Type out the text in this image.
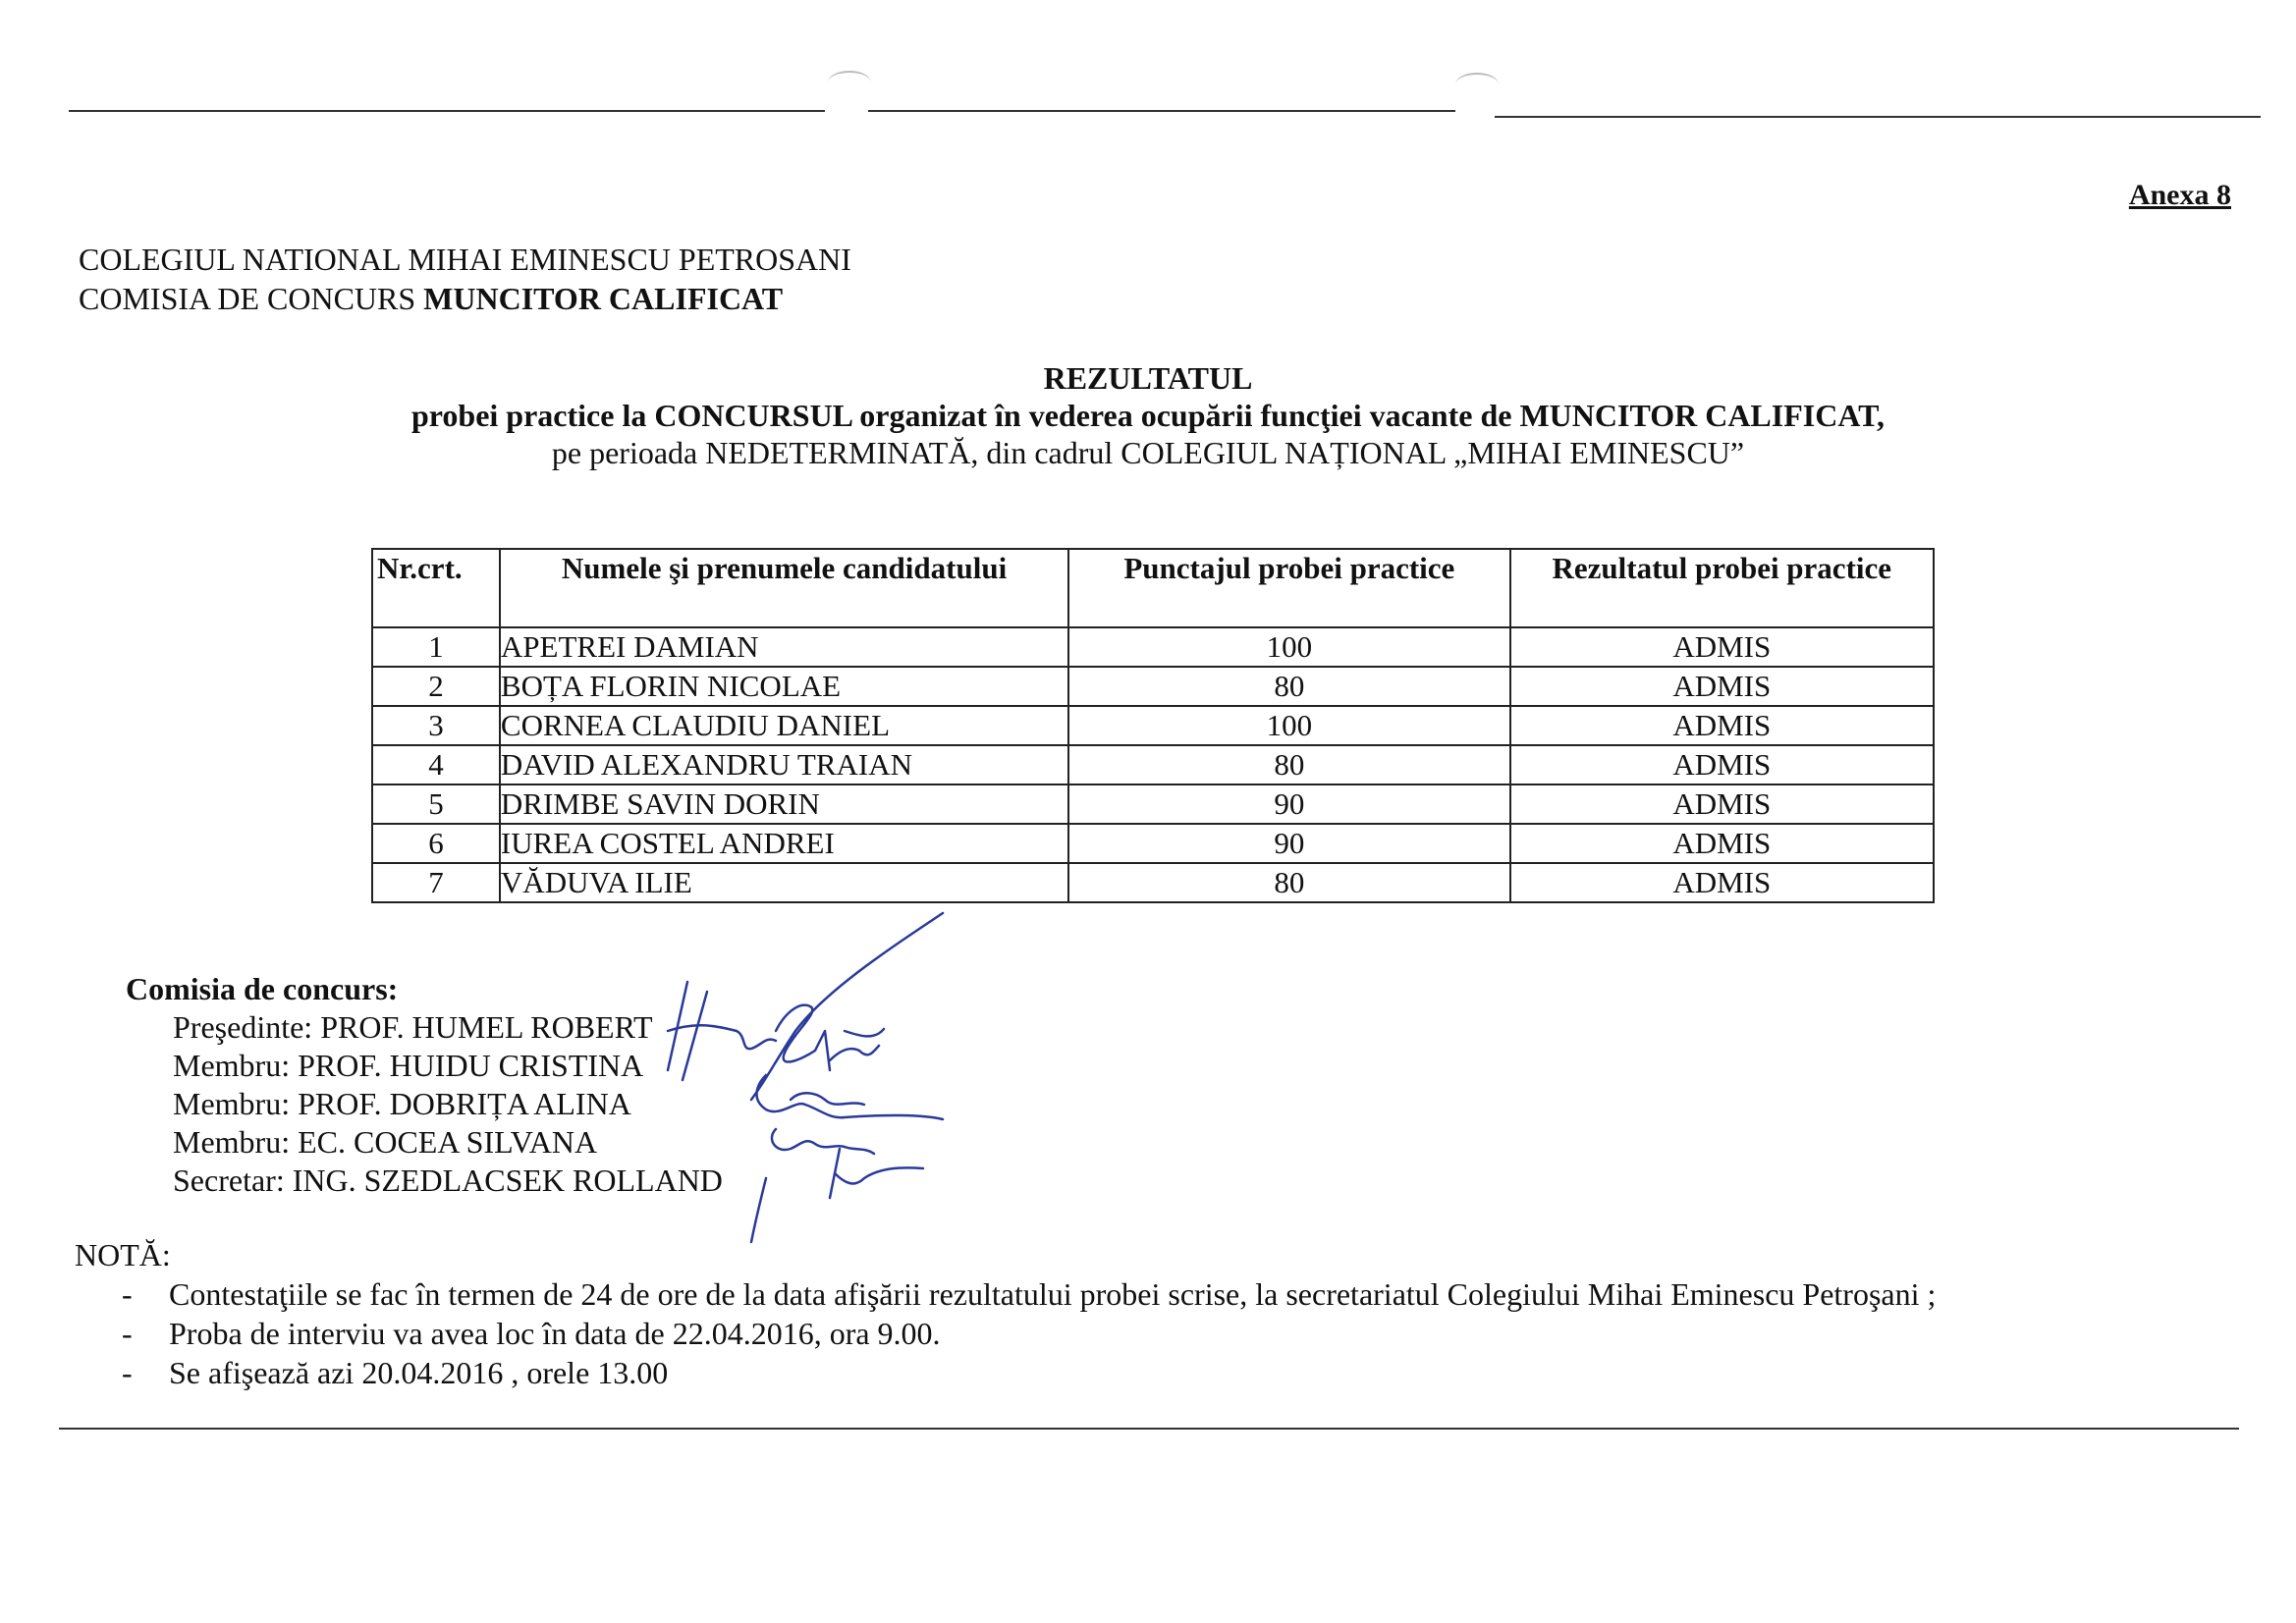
Anexa 8
COLEGIUL NATIONAL MIHAI EMINESCU PETROSANI
COMISIA DE CONCURS MUNCITOR CALIFICAT
REZULTATUL
probei practice la CONCURSUL organizat în vederea ocupării funcţiei vacante de MUNCITOR CALIFICAT,
pe perioada NEDETERMINATĂ, din cadrul COLEGIUL NAȚIONAL „MIHAI EMINESCU”
Nr.crt.	Numele şi prenumele candidatului	Punctajul probei practice	Rezultatul probei practice
1	APETREI DAMIAN	100	ADMIS
2	BOȚA FLORIN NICOLAE	80	ADMIS
3	CORNEA CLAUDIU DANIEL	100	ADMIS
4	DAVID ALEXANDRU TRAIAN	80	ADMIS
5	DRIMBE SAVIN DORIN	90	ADMIS
6	IUREA COSTEL ANDREI	90	ADMIS
7	VĂDUVA ILIE	80	ADMIS
Comisia de concurs:
Preşedinte: PROF. HUMEL ROBERT
Membru: PROF. HUIDU CRISTINA
Membru: PROF. DOBRIȚA ALINA
Membru: EC. COCEA SILVANA
Secretar: ING. SZEDLACSEK ROLLAND
NOTĂ:
- Contestaţiile se fac în termen de 24 de ore de la data afişării rezultatului probei scrise, la secretariatul Colegiului Mihai Eminescu Petroşani ;
- Proba de interviu va avea loc în data de 22.04.2016, ora 9.00.
- Se afişează azi 20.04.2016 , orele 13.00
